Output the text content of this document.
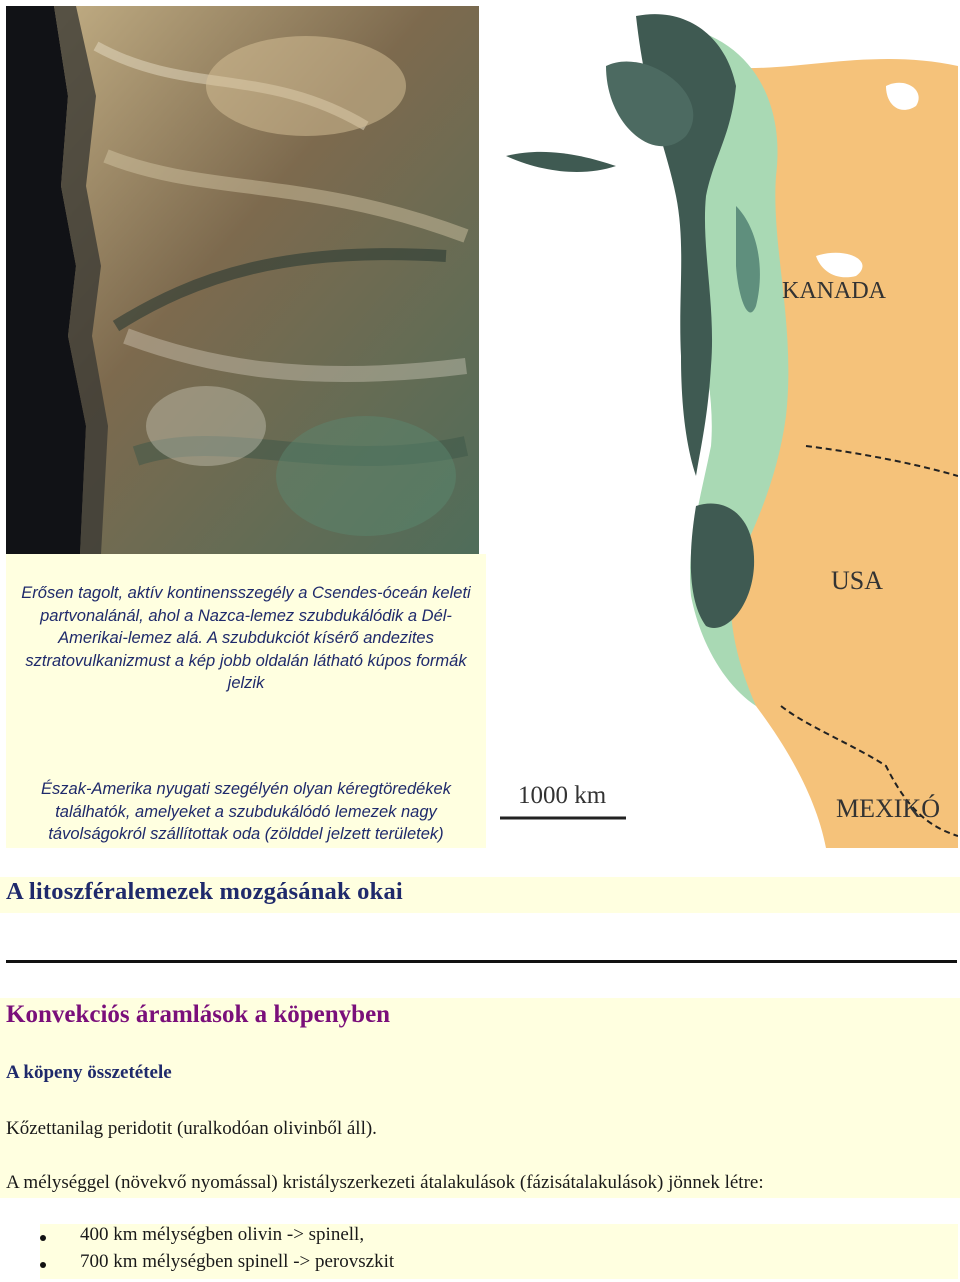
Erősen tagolt, aktív kontinensszegély a Csendes-óceán keleti partvonalánál, ahol a Nazca-lemez szubdukálódik a Dél-Amerikai-lemez alá. A szubdukciót kísérő andezites sztratovulkanizmust a kép jobb oldalán látható kúpos formák jelzik

Észak-Amerika nyugati szegélyén olyan kéregtöredékek találhatók, amelyeket a szubdukálódó lemezek nagy távolságokról szállítottak oda (zölddel jelzett területek)

KANADA
USA
MEXIKÓ
1000 km
A litoszféralemezek mozgásának okai
Konvekciós áramlások a köpenyben
A köpeny összetétele

Kőzettanilag peridotit (uralkodóan olivinből áll).

A mélységgel (növekvő nyomással) kristályszerkezeti átalakulások (fázisátalakulások) jönnek létre:

400 km mélységben olivin -> spinell,
700 km mélységben spinell -> perovszkit
